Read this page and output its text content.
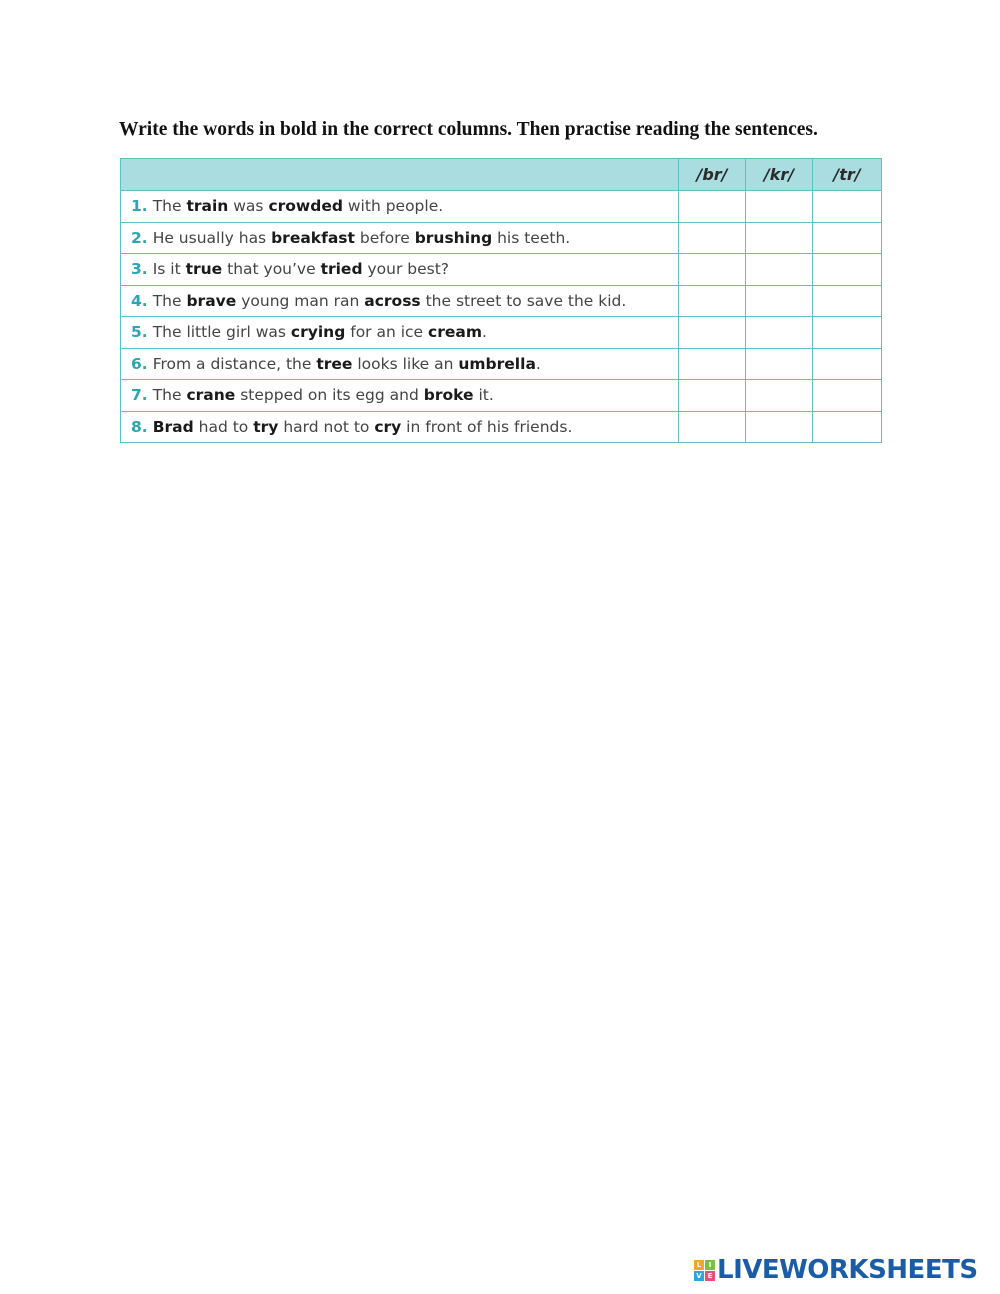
Write the words in bold in the correct columns. Then practise reading the sentences.
	/br/	/kr/	/tr/
1. The train was crowded with people.			
2. He usually has breakfast before brushing his teeth.			
3. Is it true that you’ve tried your best?			
4. The brave young man ran across the street to save the kid.			
5. The little girl was crying for an ice cream.			
6. From a distance, the tree looks like an umbrella.			
7. The crane stepped on its egg and broke it.			
8. Brad had to try hard not to cry in front of his friends.			
L	I
V E LIVEWORKSHEETS
